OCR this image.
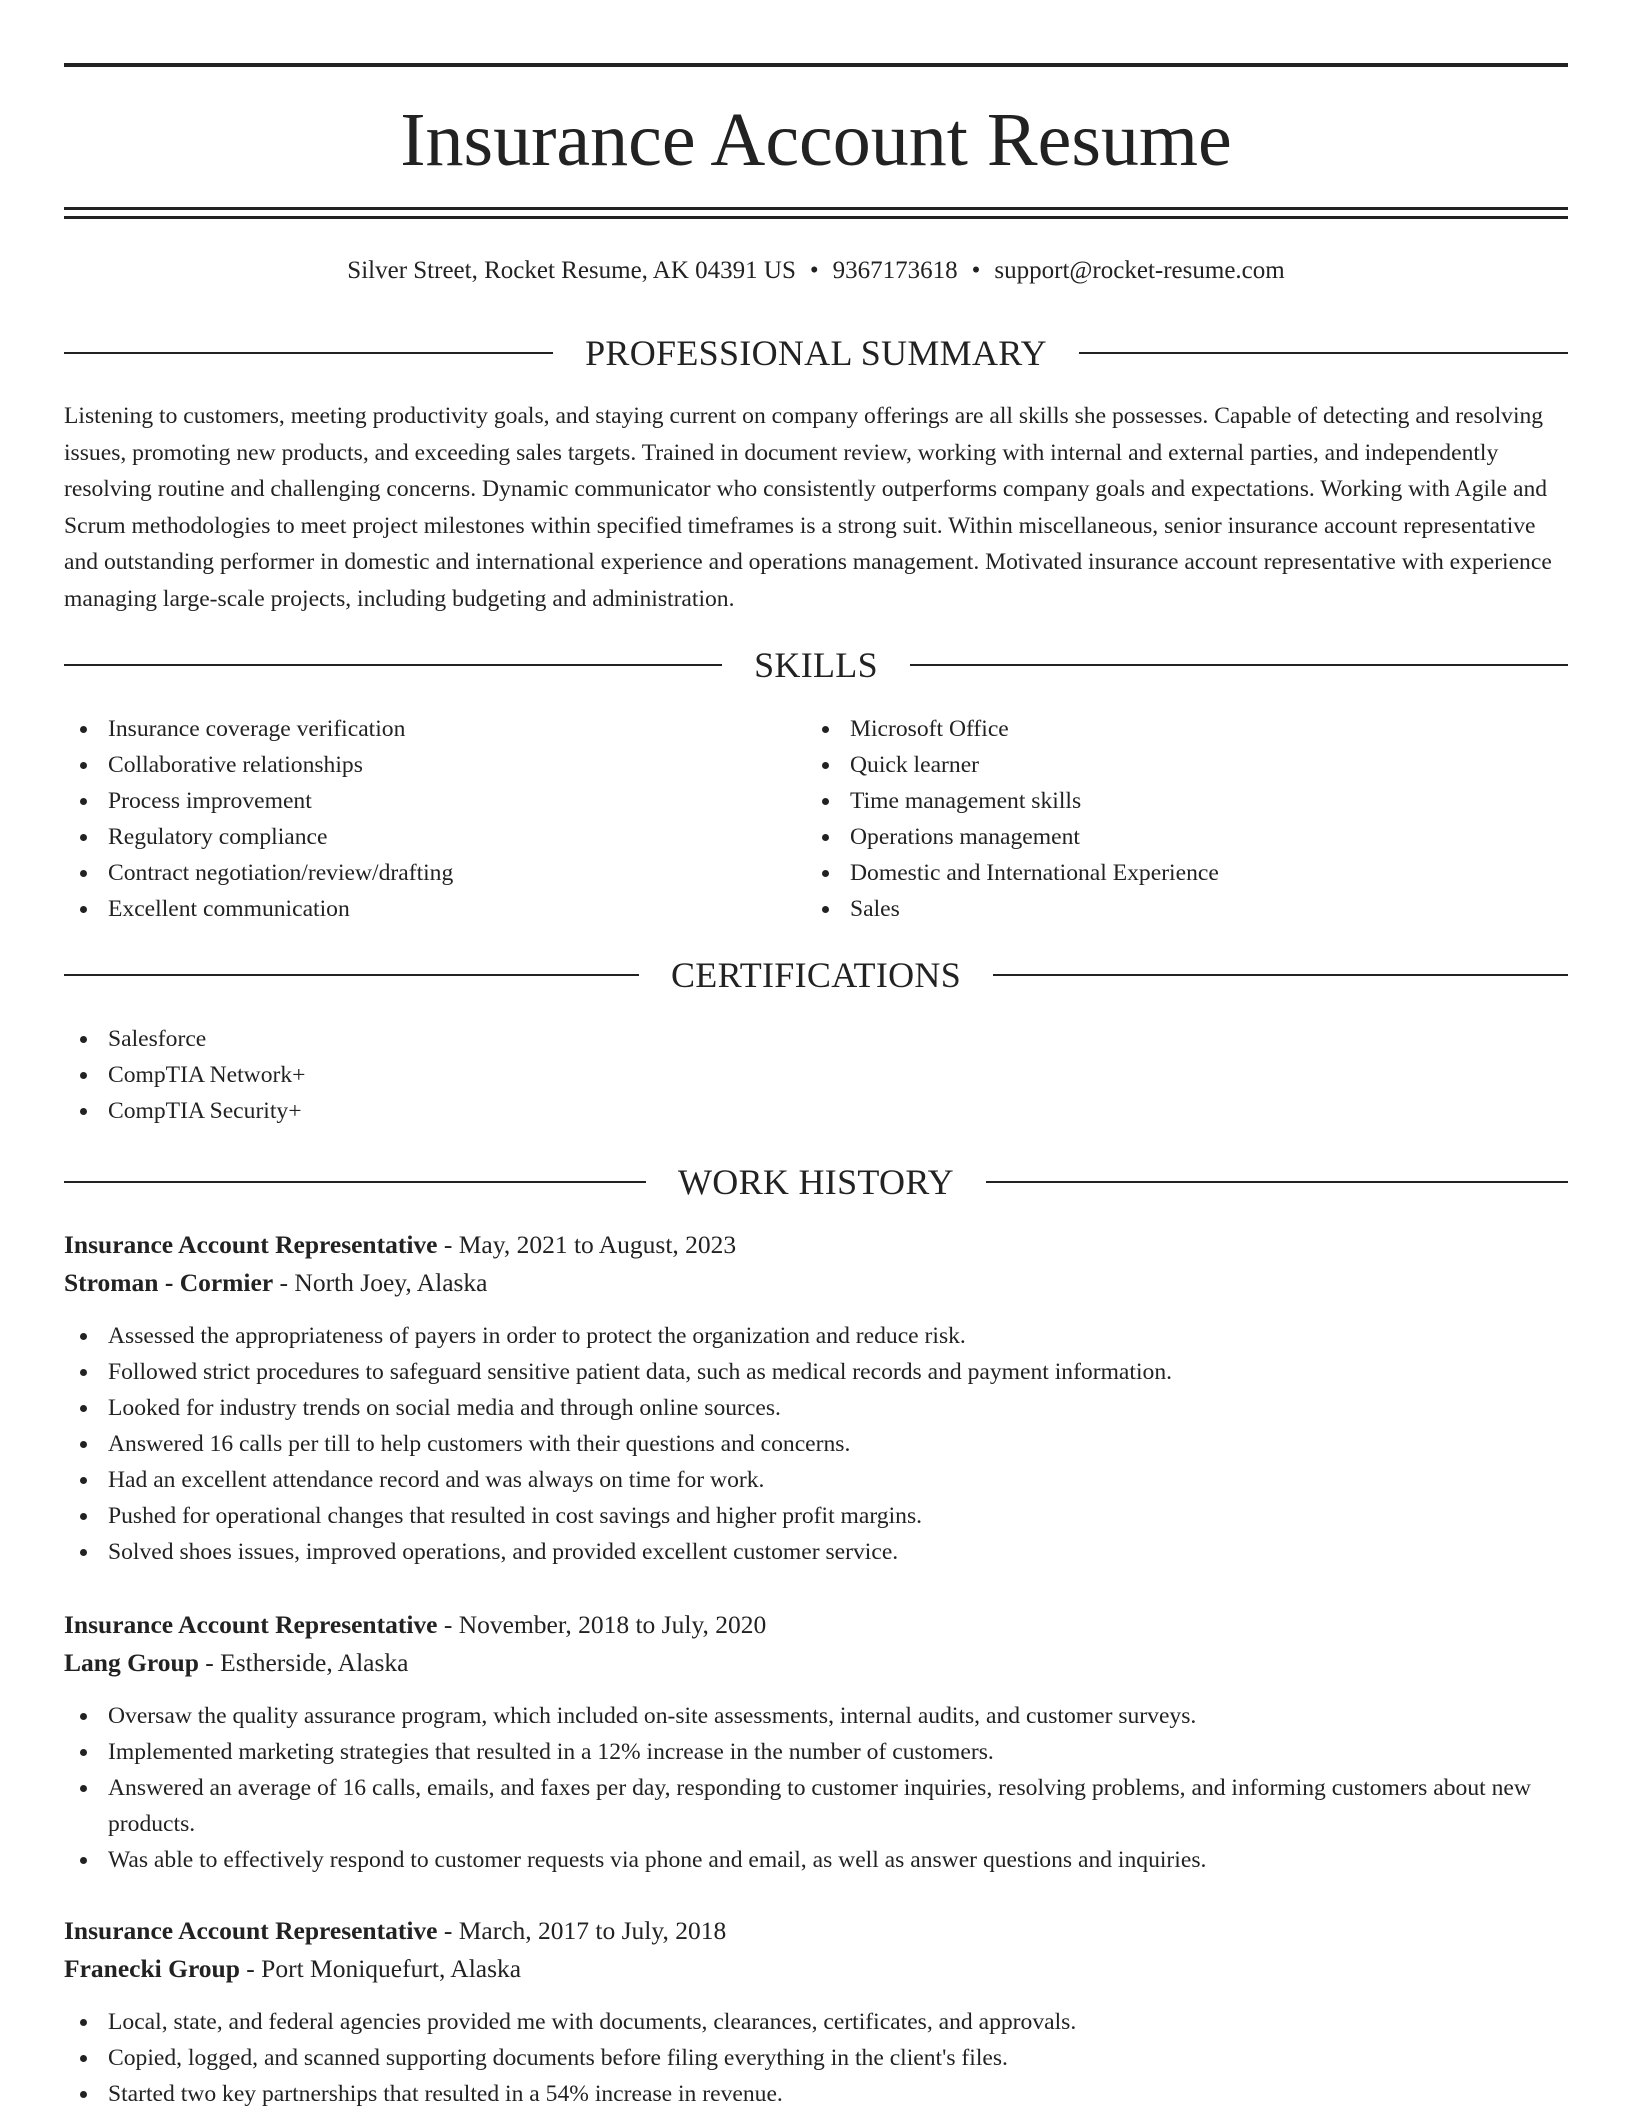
Insurance Account Resume
Silver Street, Rocket Resume, AK 04391 US • 9367173618 • support@rocket-resume.com
PROFESSIONAL SUMMARY

Listening to customers, meeting productivity goals, and staying current on company offerings are all skills she possesses. Capable of detecting and resolving issues, promoting new products, and exceeding sales targets. Trained in document review, working with internal and external parties, and independently resolving routine and challenging concerns. Dynamic communicator who consistently outperforms company goals and expectations. Working with Agile and Scrum methodologies to meet project milestones within specified timeframes is a strong suit. Within miscellaneous, senior insurance account representative and outstanding performer in domestic and international experience and operations management. Motivated insurance account representative with experience managing large-scale projects, including budgeting and administration.

SKILLS
Insurance coverage verification
Collaborative relationships
Process improvement
Regulatory compliance
Contract negotiation/review/drafting
Excellent communication
Microsoft Office
Quick learner
Time management skills
Operations management
Domestic and International Experience
Sales
CERTIFICATIONS
Salesforce
CompTIA Network+
CompTIA Security+
WORK HISTORY
Insurance Account Representative - May, 2021 to August, 2023
Stroman - Cormier - North Joey, Alaska
Assessed the appropriateness of payers in order to protect the organization and reduce risk.
Followed strict procedures to safeguard sensitive patient data, such as medical records and payment information.
Looked for industry trends on social media and through online sources.
Answered 16 calls per till to help customers with their questions and concerns.
Had an excellent attendance record and was always on time for work.
Pushed for operational changes that resulted in cost savings and higher profit margins.
Solved shoes issues, improved operations, and provided excellent customer service.
Insurance Account Representative - November, 2018 to July, 2020
Lang Group - Estherside, Alaska
Oversaw the quality assurance program, which included on-site assessments, internal audits, and customer surveys.
Implemented marketing strategies that resulted in a 12% increase in the number of customers.
Answered an average of 16 calls, emails, and faxes per day, responding to customer inquiries, resolving problems, and informing customers about new products.
Was able to effectively respond to customer requests via phone and email, as well as answer questions and inquiries.
Insurance Account Representative - March, 2017 to July, 2018
Franecki Group - Port Moniquefurt, Alaska
Local, state, and federal agencies provided me with documents, clearances, certificates, and approvals.
Copied, logged, and scanned supporting documents before filing everything in the client's files.
Started two key partnerships that resulted in a 54% increase in revenue.
